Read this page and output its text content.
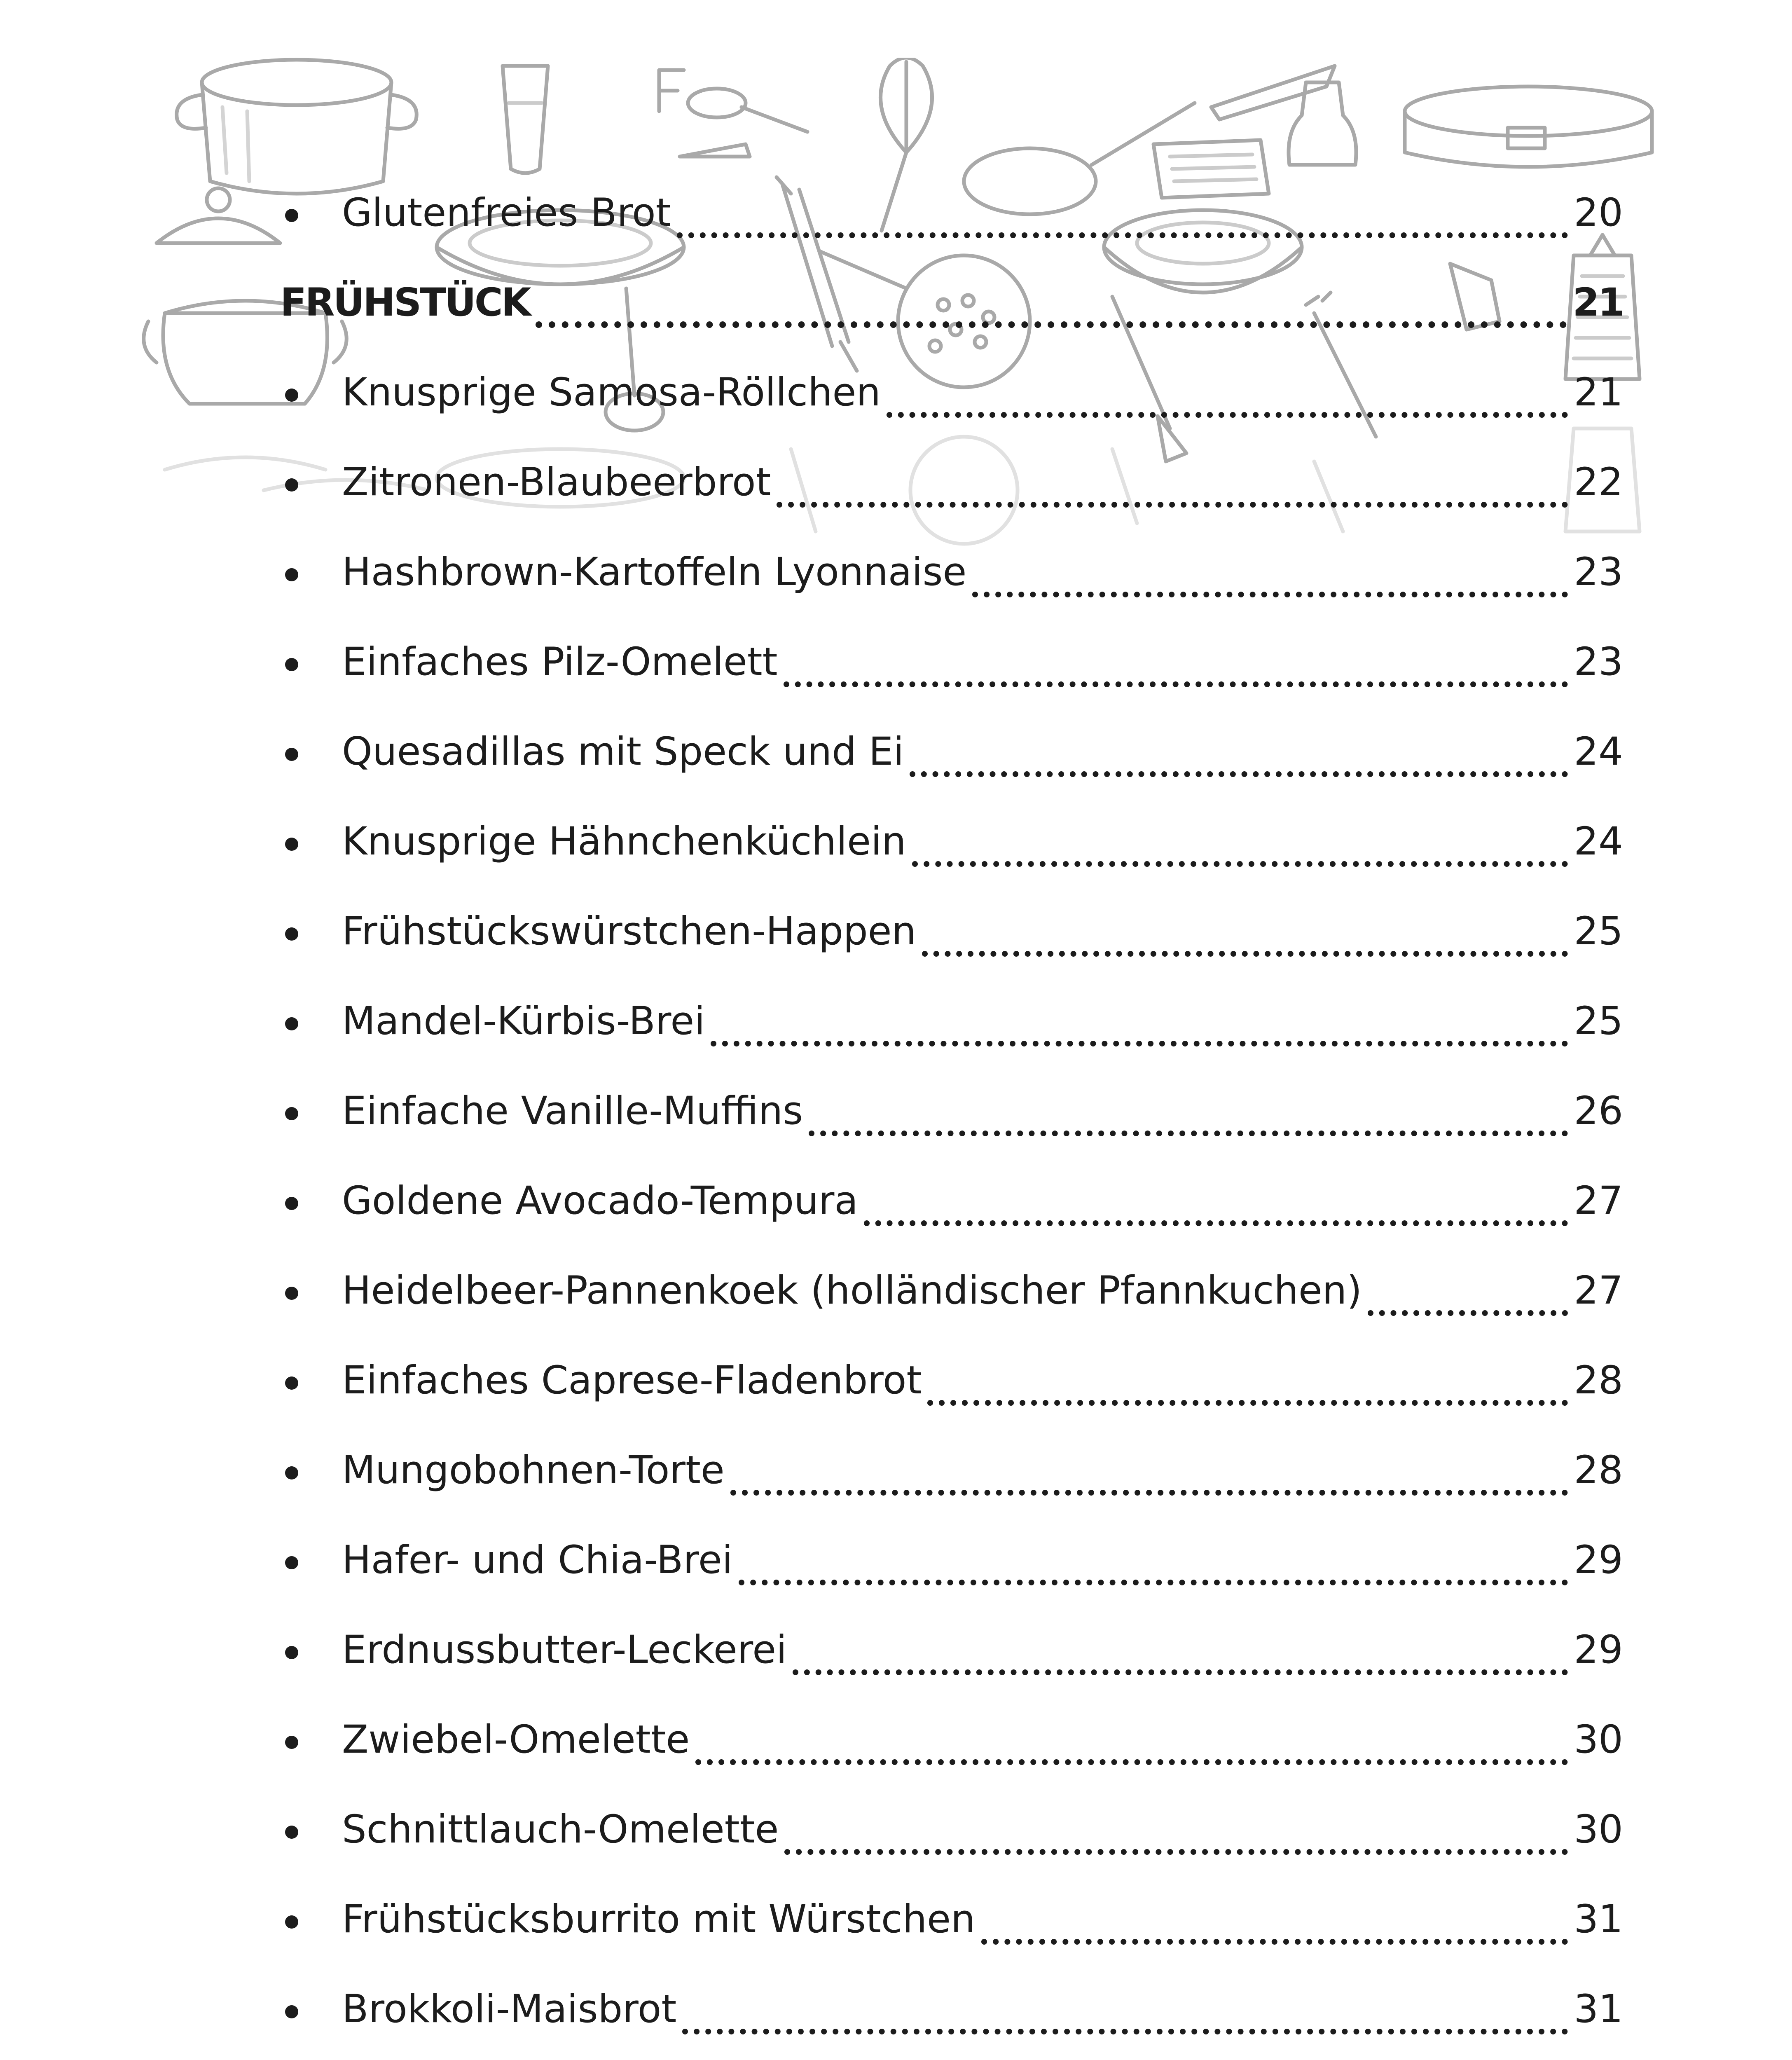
Glutenfreies Brot	20
FRÜHSTÜCK	21
Knusprige Samosa-Röllchen	21
Zitronen-Blaubeerbrot	22
Hashbrown-Kartoffeln Lyonnaise	23
Einfaches Pilz-Omelett	23
Quesadillas mit Speck und Ei	24
Knusprige Hähnchenküchlein	24
Frühstückswürstchen-Happen	25
Mandel-Kürbis-Brei	25
Einfache Vanille-Muffins	26
Goldene Avocado-Tempura	27
Heidelbeer-Pannenkoek (holländischer Pfannkuchen)	27
Einfaches Caprese-Fladenbrot	28
Mungobohnen-Torte	28
Hafer- und Chia-Brei	29
Erdnussbutter-Leckerei	29
Zwiebel-Omelette	30
Schnittlauch-Omelette	30
Frühstücksburrito mit Würstchen	31
Brokkoli-Maisbrot	31
